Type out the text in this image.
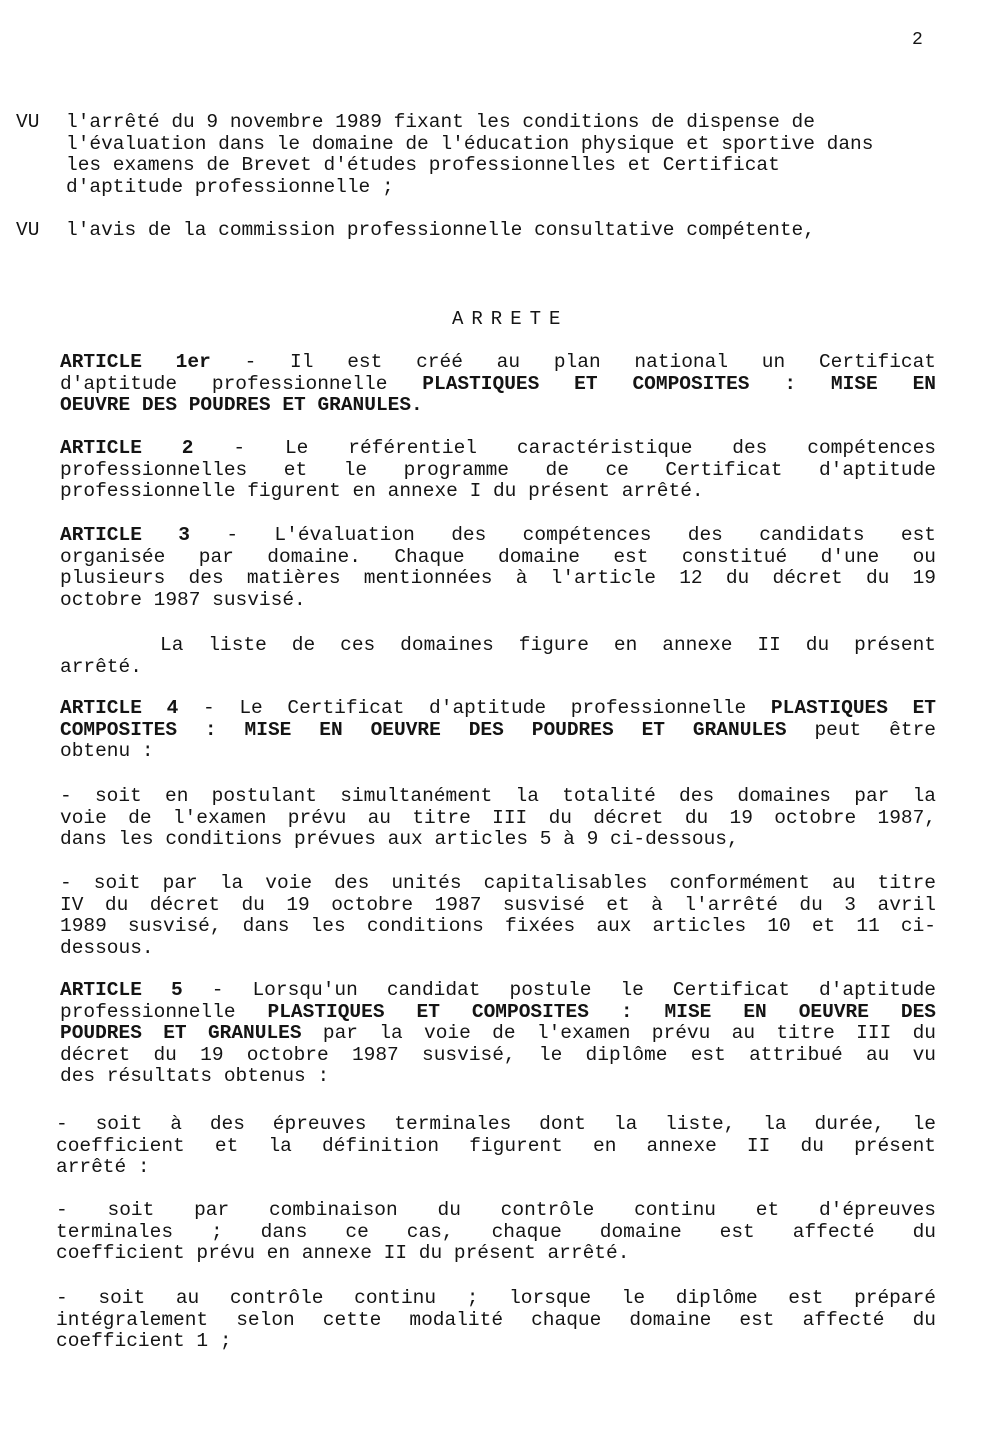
2
VU l'arrêté du 9 novembre 1989 fixant les conditions de dispense de
l'évaluation dans le domaine de l'éducation physique et sportive dans
les examens de Brevet d'études professionnelles et Certificat
d'aptitude professionnelle ;
VU l'avis de la commission professionnelle consultative compétente,
ARRETE
ARTICLE 1er - Il est créé au plan national un Certificat
d'aptitude professionnelle PLASTIQUES ET COMPOSITES : MISE EN
OEUVRE DES POUDRES ET GRANULES.
ARTICLE 2 - Le référentiel caractéristique des compétences
professionnelles et le programme de ce Certificat d'aptitude
professionnelle figurent en annexe I du présent arrêté.
ARTICLE 3 - L'évaluation des compétences des candidats est
organisée par domaine. Chaque domaine est constitué d'une ou
plusieurs des matières mentionnées à l'article 12 du décret du 19
octobre 1987 susvisé.
La liste de ces domaines figure en annexe II du présent
arrêté.
ARTICLE 4 - Le Certificat d'aptitude professionnelle PLASTIQUES ET
COMPOSITES : MISE EN OEUVRE DES POUDRES ET GRANULES peut être
obtenu :
- soit en postulant simultanément la totalité des domaines par la
voie de l'examen prévu au titre III du décret du 19 octobre 1987,
dans les conditions prévues aux articles 5 à 9 ci-dessous,
- soit par la voie des unités capitalisables conformément au titre
IV du décret du 19 octobre 1987 susvisé et à l'arrêté du 3 avril
1989 susvisé, dans les conditions fixées aux articles 10 et 11 ci-
dessous.
ARTICLE 5 - Lorsqu'un candidat postule le Certificat d'aptitude
professionnelle PLASTIQUES ET COMPOSITES : MISE EN OEUVRE DES
POUDRES ET GRANULES par la voie de l'examen prévu au titre III du
décret du 19 octobre 1987 susvisé, le diplôme est attribué au vu
des résultats obtenus :
- soit à des épreuves terminales dont la liste, la durée, le
coefficient et la définition figurent en annexe II du présent
arrêté :
- soit par combinaison du contrôle continu et d'épreuves
terminales ; dans ce cas, chaque domaine est affecté du
coefficient prévu en annexe II du présent arrêté.
- soit au contrôle continu ; lorsque le diplôme est préparé
intégralement selon cette modalité chaque domaine est affecté du
coefficient 1 ;
